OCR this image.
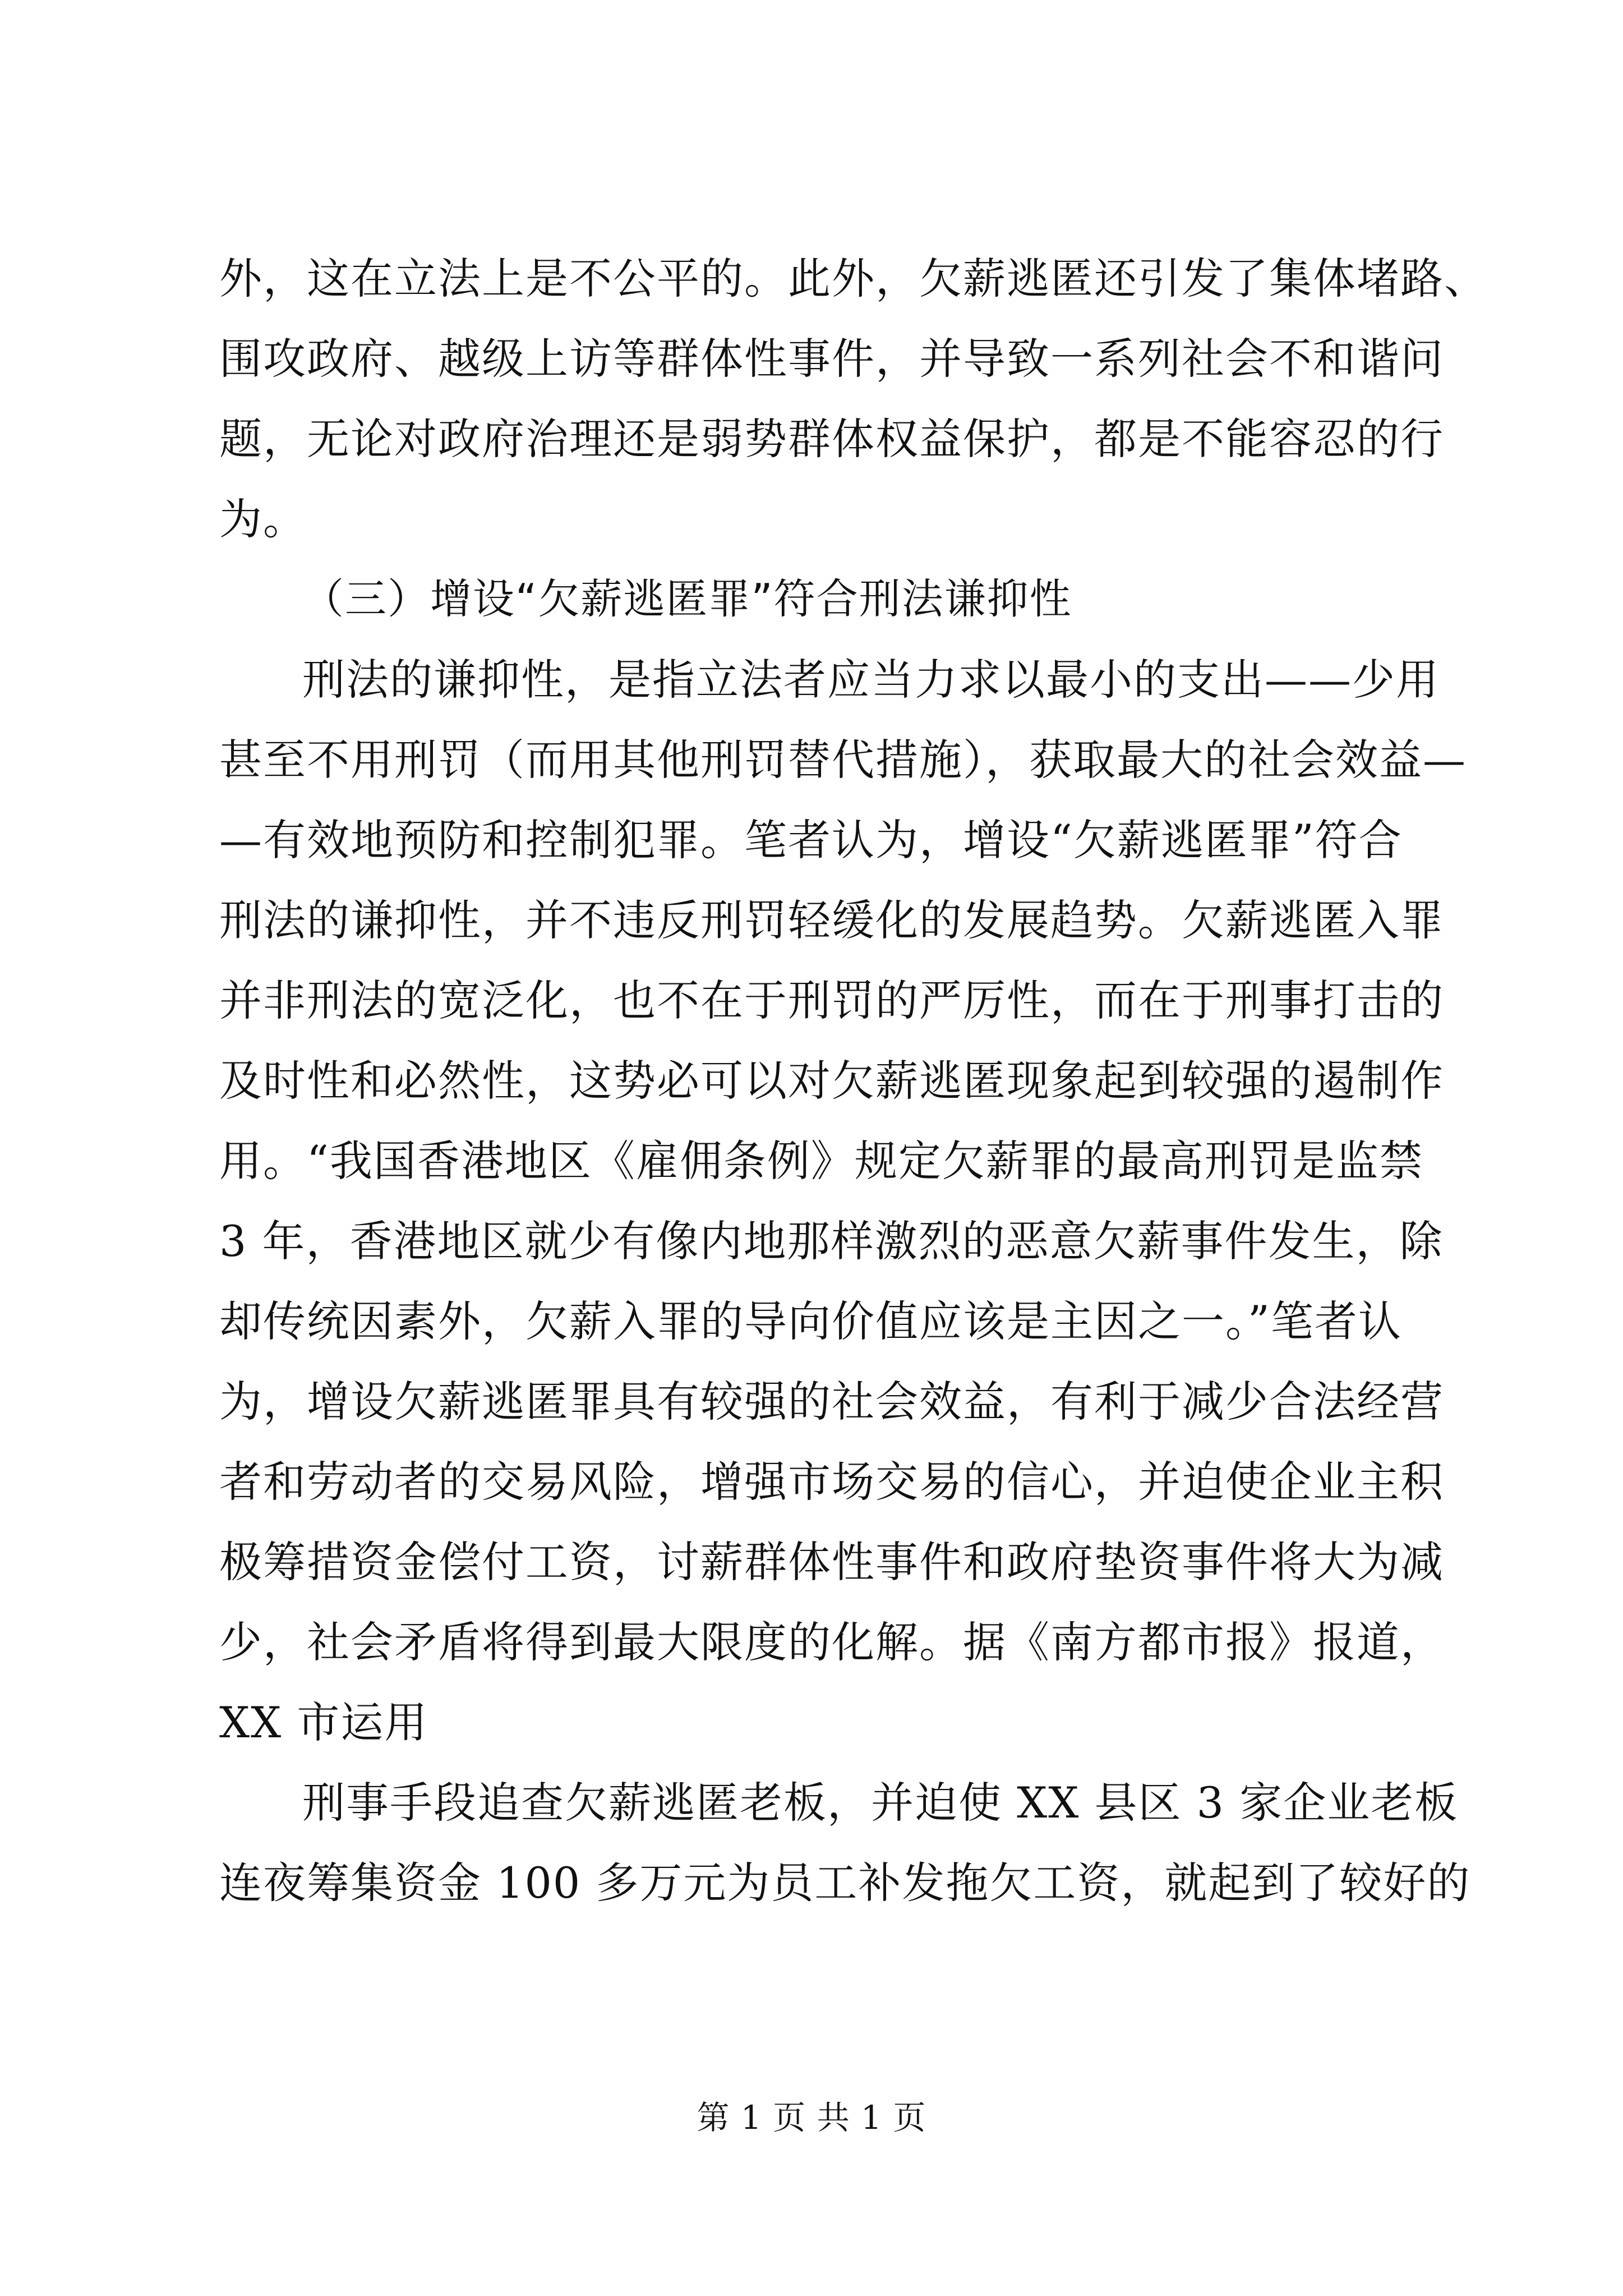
外，这在立法上是不公平的。此外，欠薪逃匿还引发了集体堵路、
围攻政府、越级上访等群体性事件，并导致一系列社会不和谐问
题，无论对政府治理还是弱势群体权益保护，都是不能容忍的行
为。
（三）增设“欠薪逃匿罪”符合刑法谦抑性
刑法的谦抑性，是指立法者应当力求以最小的支出——少用
甚至不用刑罚（而用其他刑罚替代措施），获取最大的社会效益—
—有效地预防和控制犯罪。笔者认为，增设“欠薪逃匿罪”符合
刑法的谦抑性，并不违反刑罚轻缓化的发展趋势。欠薪逃匿入罪
并非刑法的宽泛化，也不在于刑罚的严厉性，而在于刑事打击的
及时性和必然性，这势必可以对欠薪逃匿现象起到较强的遏制作
用。“我国香港地区《雇佣条例》规定欠薪罪的最高刑罚是监禁
3 年，香港地区就少有像内地那样激烈的恶意欠薪事件发生，除
却传统因素外，欠薪入罪的导向价值应该是主因之一。”笔者认
为，增设欠薪逃匿罪具有较强的社会效益，有利于减少合法经营
者和劳动者的交易风险，增强市场交易的信心，并迫使企业主积
极筹措资金偿付工资，讨薪群体性事件和政府垫资事件将大为减
少，社会矛盾将得到最大限度的化解。据《南方都市报》报道，
XX 市运用
刑事手段追查欠薪逃匿老板，并迫使 XX 县区 3 家企业老板
连夜筹集资金 100 多万元为员工补发拖欠工资，就起到了较好的
第 1 页 共 1 页
